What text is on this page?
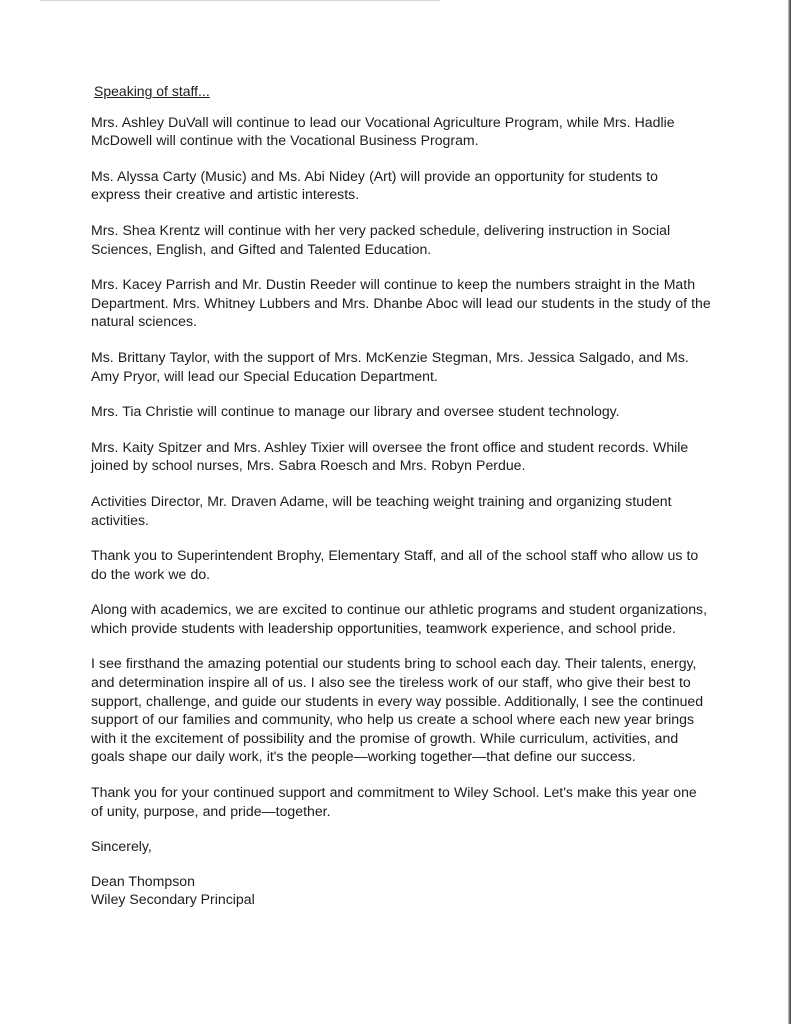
Speaking of staff...

Mrs. Ashley DuVall will continue to lead our Vocational Agriculture Program, while Mrs. Hadlie McDowell will continue with the Vocational Business Program.

Ms. Alyssa Carty (Music) and Ms. Abi Nidey (Art) will provide an opportunity for students to express their creative and artistic interests.

Mrs. Shea Krentz will continue with her very packed schedule, delivering instruction in Social Sciences, English, and Gifted and Talented Education.

Mrs. Kacey Parrish and Mr. Dustin Reeder will continue to keep the numbers straight in the Math Department. Mrs. Whitney Lubbers and Mrs. Dhanbe Aboc will lead our students in the study of the natural sciences.

Ms. Brittany Taylor, with the support of Mrs. McKenzie Stegman, Mrs. Jessica Salgado, and Ms. Amy Pryor, will lead our Special Education Department.

Mrs. Tia Christie will continue to manage our library and oversee student technology.

Mrs. Kaity Spitzer and Mrs. Ashley Tixier will oversee the front office and student records. While joined by school nurses, Mrs. Sabra Roesch and Mrs. Robyn Perdue.

Activities Director, Mr. Draven Adame, will be teaching weight training and organizing student activities.

Thank you to Superintendent Brophy, Elementary Staff, and all of the school staff who allow us to do the work we do.

Along with academics, we are excited to continue our athletic programs and student organizations, which provide students with leadership opportunities, teamwork experience, and school pride.

I see firsthand the amazing potential our students bring to school each day. Their talents, energy, and determination inspire all of us. I also see the tireless work of our staff, who give their best to support, challenge, and guide our students in every way possible. Additionally, I see the continued support of our families and community, who help us create a school where each new year brings with it the excitement of possibility and the promise of growth. While curriculum, activities, and goals shape our daily work, it's the people—working together—that define our success.

Thank you for your continued support and commitment to Wiley School. Let's make this year one of unity, purpose, and pride—together.

Sincerely,

Dean Thompson

Wiley Secondary Principal
